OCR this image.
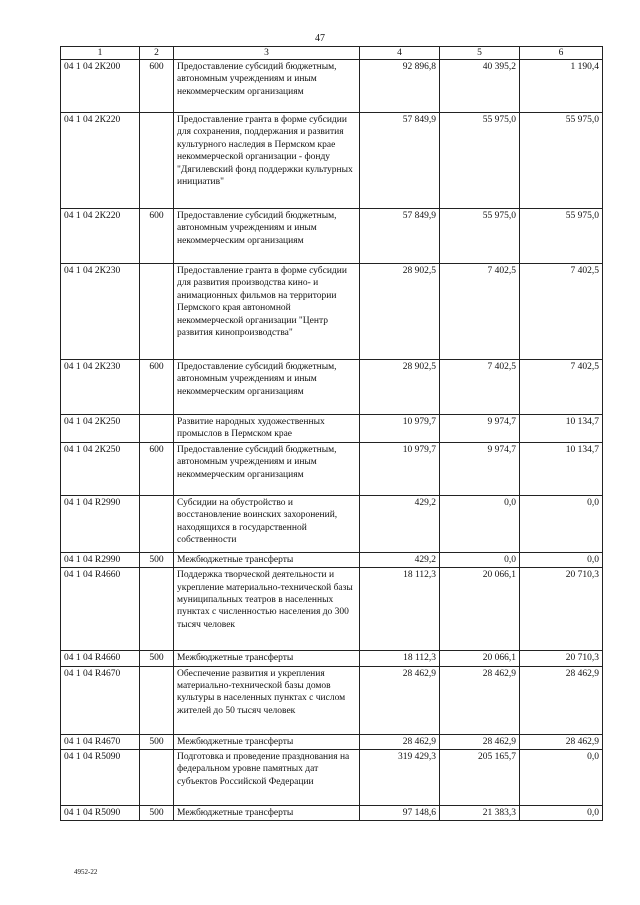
47
1	2	3	4	5	6
04 1 04 2К200	600	Предоставление субсидий бюджетным, автономным учреждениям и иным некоммерческим организациям	92 896,8	40 395,2	1 190,4
04 1 04 2К220		Предоставление гранта в форме субсидии для сохранения, поддержания и развития культурного наследия в Пермском крае некоммерческой организации - фонду "Дягилевский фонд поддержки культурных инициатив"	57 849,9	55 975,0	55 975,0
04 1 04 2К220	600	Предоставление субсидий бюджетным, автономным учреждениям и иным некоммерческим организациям	57 849,9	55 975,0	55 975,0
04 1 04 2К230		Предоставление гранта в форме субсидии для развития производства кино- и анимационных фильмов на территории Пермского края автономной некоммерческой организации "Центр развития кинопроизводства"	28 902,5	7 402,5	7 402,5
04 1 04 2К230	600	Предоставление субсидий бюджетным, автономным учреждениям и иным некоммерческим организациям	28 902,5	7 402,5	7 402,5
04 1 04 2К250		Развитие народных художественных промыслов в Пермском крае	10 979,7	9 974,7	10 134,7
04 1 04 2К250	600	Предоставление субсидий бюджетным, автономным учреждениям и иным некоммерческим организациям	10 979,7	9 974,7	10 134,7
04 1 04 R2990		Субсидии на обустройство и восстановление воинских захоронений, находящихся в государственной собственности	429,2	0,0	0,0
04 1 04 R2990	500	Межбюджетные трансферты	429,2	0,0	0,0
04 1 04 R4660		Поддержка творческой деятельности и укрепление материально-технической базы муниципальных театров в населенных пунктах с численностью населения до 300 тысяч человек	18 112,3	20 066,1	20 710,3
04 1 04 R4660	500	Межбюджетные трансферты	18 112,3	20 066,1	20 710,3
04 1 04 R4670		Обеспечение развития и укрепления материально-технической базы домов культуры в населенных пунктах с числом жителей до 50 тысяч человек	28 462,9	28 462,9	28 462,9
04 1 04 R4670	500	Межбюджетные трансферты	28 462,9	28 462,9	28 462,9
04 1 04 R5090		Подготовка и проведение празднования на федеральном уровне памятных дат субъектов Российской Федерации	319 429,3	205 165,7	0,0
04 1 04 R5090	500	Межбюджетные трансферты	97 148,6	21 383,3	0,0
4952-22
